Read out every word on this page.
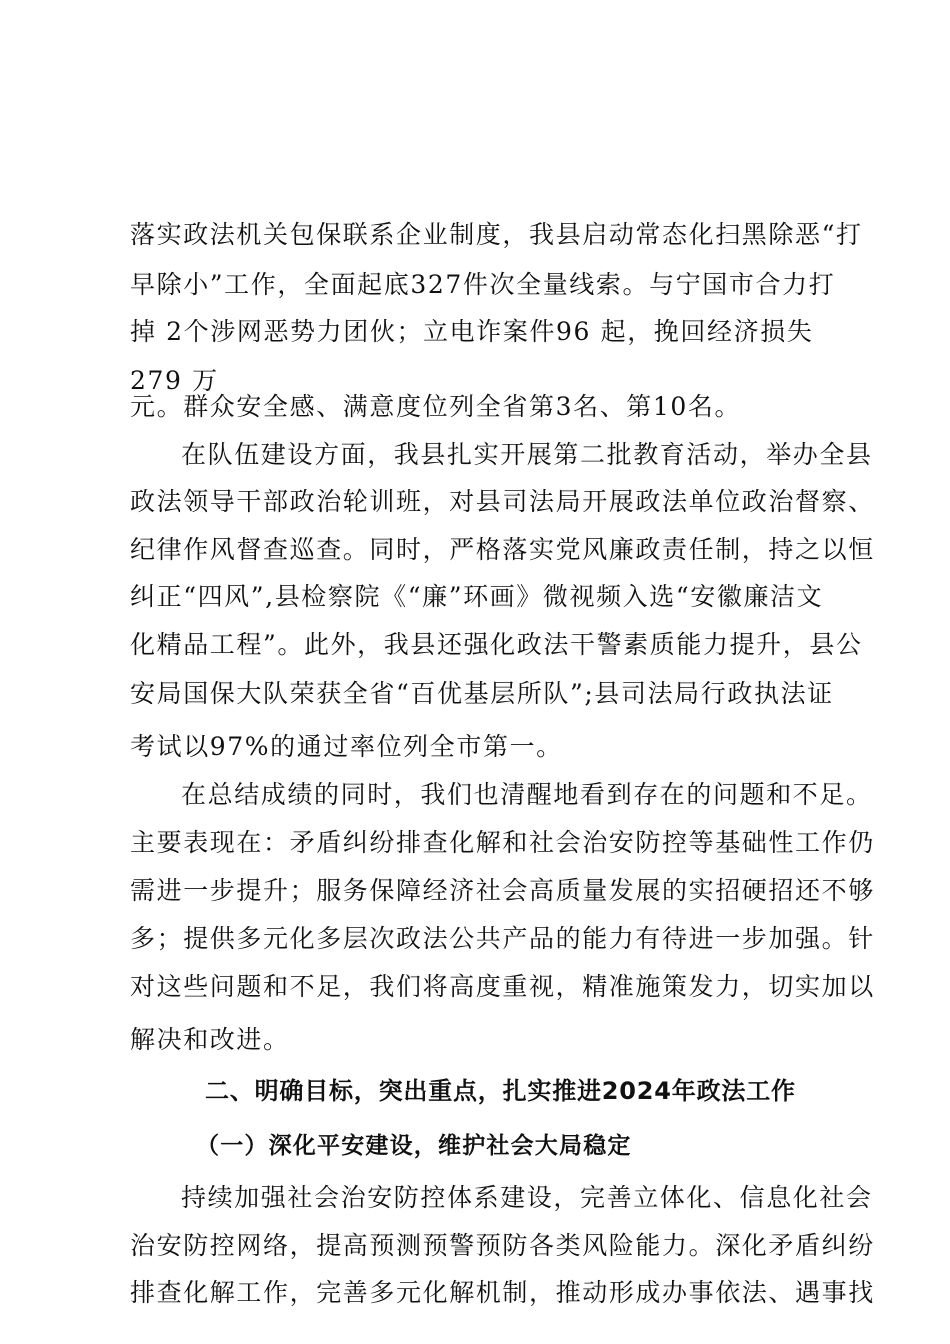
落实政法机关包保联系企业制度，我县启动常态化扫黑除恶“打
早除小”工作，全面起底327件次全量线索。与宁国市合力打
掉 2个涉网恶势力团伙；立电诈案件96 起，挽回经济损失
279 万
元。群众安全感、满意度位列全省第3名、第10名。
在队伍建设方面，我县扎实开展第二批教育活动，举办全县
政法领导干部政治轮训班，对县司法局开展政法单位政治督察、
纪律作风督查巡查。同时，严格落实党风廉政责任制，持之以恒
纠正“四风”,县检察院《“廉”环画》微视频入选“安徽廉洁文
化精品工程”。此外，我县还强化政法干警素质能力提升，县公
安局国保大队荣获全省“百优基层所队”;县司法局行政执法证
考试以97%的通过率位列全市第一。
在总结成绩的同时，我们也清醒地看到存在的问题和不足。
主要表现在：矛盾纠纷排查化解和社会治安防控等基础性工作仍
需进一步提升；服务保障经济社会高质量发展的实招硬招还不够
多；提供多元化多层次政法公共产品的能力有待进一步加强。针
对这些问题和不足，我们将高度重视，精准施策发力，切实加以
解决和改进。
二、明确目标，突出重点，扎实推进2024年政法工作
（一）深化平安建设，维护社会大局稳定
持续加强社会治安防控体系建设，完善立体化、信息化社会
治安防控网络，提高预测预警预防各类风险能力。深化矛盾纠纷
排查化解工作，完善多元化解机制，推动形成办事依法、遇事找
